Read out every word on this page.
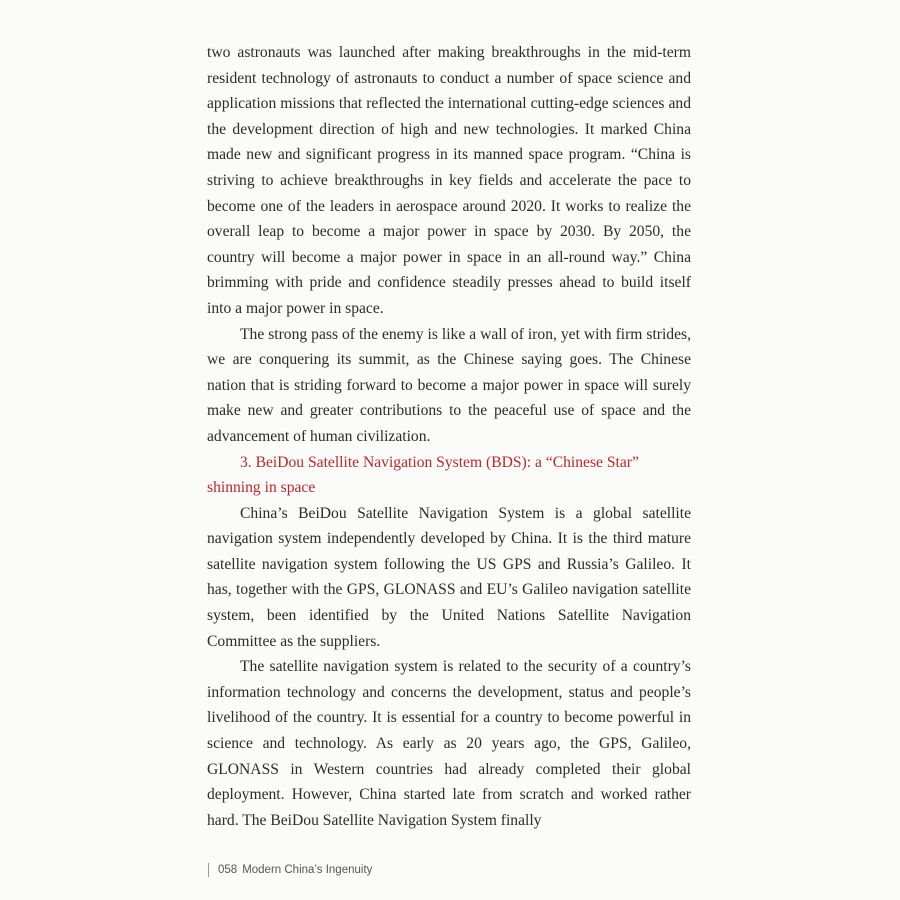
two astronauts was launched after making breakthroughs in the mid-term resident technology of astronauts to conduct a number of space science and application missions that reflected the international cutting-edge sciences and the development direction of high and new technologies. It marked China made new and significant progress in its manned space program. “China is striving to achieve breakthroughs in key fields and accelerate the pace to become one of the leaders in aerospace around 2020. It works to realize the overall leap to become a major power in space by 2030. By 2050, the country will become a major power in space in an all-round way.” China brimming with pride and confidence steadily presses ahead to build itself into a major power in space.

The strong pass of the enemy is like a wall of iron, yet with firm strides, we are conquering its summit, as the Chinese saying goes. The Chinese nation that is striding forward to become a major power in space will surely make new and greater contributions to the peaceful use of space and the advancement of human civilization.

3. BeiDou Satellite Navigation System (BDS): a “Chinese Star” shinning in space

China’s BeiDou Satellite Navigation System is a global satellite navigation system independently developed by China. It is the third mature satellite navigation system following the US GPS and Russia’s Galileo. It has, together with the GPS, GLONASS and EU’s Galileo navigation satellite system, been identified by the United Nations Satellite Navigation Committee as the suppliers.

The satellite navigation system is related to the security of a country’s information technology and concerns the development, status and people’s livelihood of the country. It is essential for a country to become powerful in science and technology. As early as 20 years ago, the GPS, Galileo, GLONASS in Western countries had already completed their global deployment. However, China started late from scratch and worked rather hard. The BeiDou Satellite Navigation System finally

058 Modern China’s Ingenuity
